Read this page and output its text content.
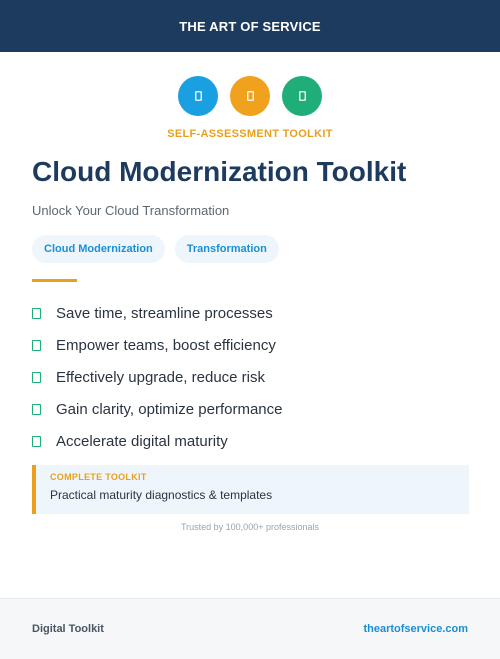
THE ART OF SERVICE
SELF-ASSESSMENT TOOLKIT
Cloud Modernization Toolkit
Unlock Your Cloud Transformation
Cloud Modernization	Transformation
Save time, streamline processes
Empower teams, boost efficiency
Effectively upgrade, reduce risk
Gain clarity, optimize performance
Accelerate digital maturity
COMPLETE TOOLKIT
Practical maturity diagnostics & templates
Trusted by 100,000+ professionals
Digital Toolkit	theartofservice.com
